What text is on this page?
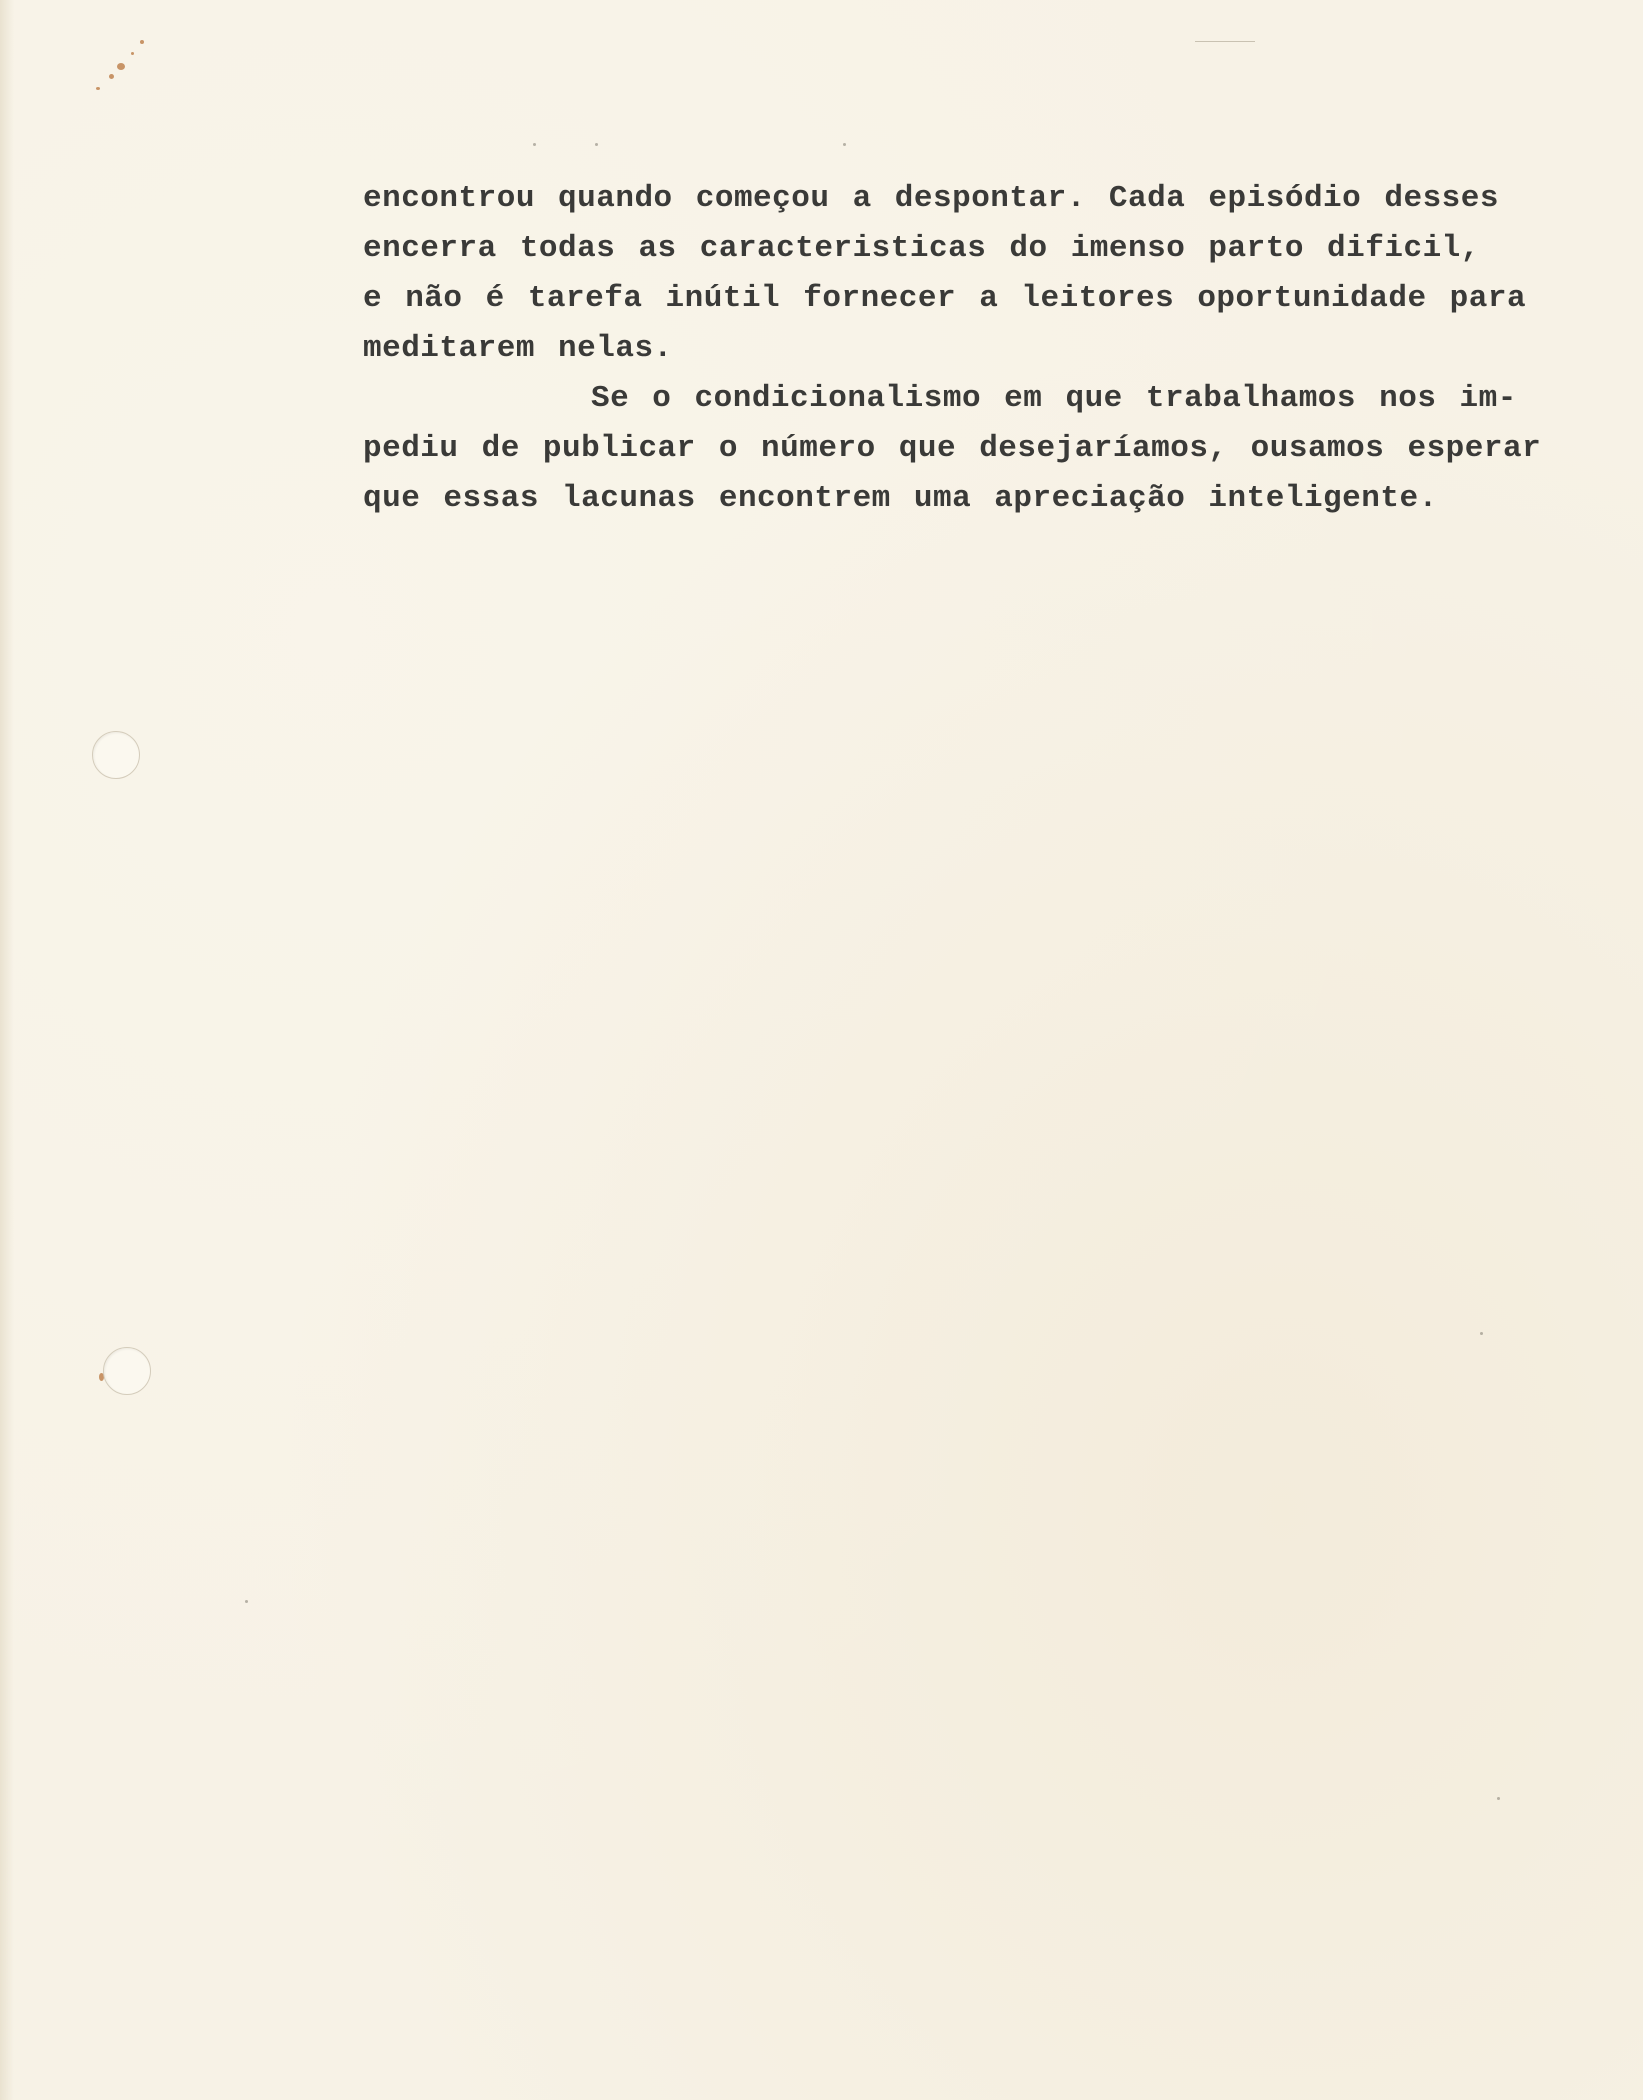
encontrou quando começou a despontar. Cada episódio desses
encerra todas as caracteristicas do imenso parto dificil,
e não é tarefa inútil fornecer a leitores oportunidade para
meditarem nelas.
Se o condicionalismo em que trabalhamos nos im-
pediu de publicar o número que desejaríamos, ousamos esperar
que essas lacunas encontrem uma apreciação inteligente.
